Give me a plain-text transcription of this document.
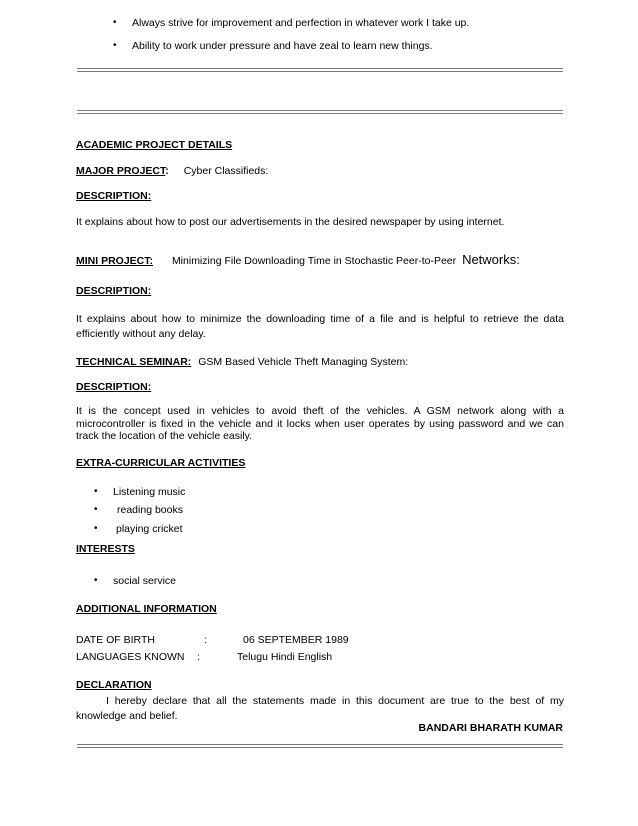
• Always strive for improvement and perfection in whatever work I take up.
• Ability to work under pressure and have zeal to learn new things.
ACADEMIC PROJECT DETAILS
MAJOR PROJECT: Cyber Classifieds:
DESCRIPTION:
It explains about how to post our advertisements in the desired newspaper by using internet.
MINI PROJECT: Minimizing File Downloading Time in Stochastic Peer-to-Peer Networks:
DESCRIPTION:
It explains about how to minimize the downloading time of a file and is helpful to retrieve the data efficiently without any delay.
TECHNICAL SEMINAR: GSM Based Vehicle Theft Managing System:
DESCRIPTION:
It is the concept used in vehicles to avoid theft of the vehicles. A GSM network along with a microcontroller is fixed in the vehicle and it locks when user operates by using password and we can track the location of the vehicle easily.
EXTRA-CURRICULAR ACTIVITIES
• Listening music
• reading books
• playing cricket
INTERESTS
• social service
ADDITIONAL INFORMATION
DATE OF BIRTH	:	06 SEPTEMBER 1989
LANGUAGES KNOWN :	Telugu Hindi English
DECLARATION
I hereby declare that all the statements made in this document are true to the best of my knowledge and belief.
BANDARI BHARATH KUMAR
